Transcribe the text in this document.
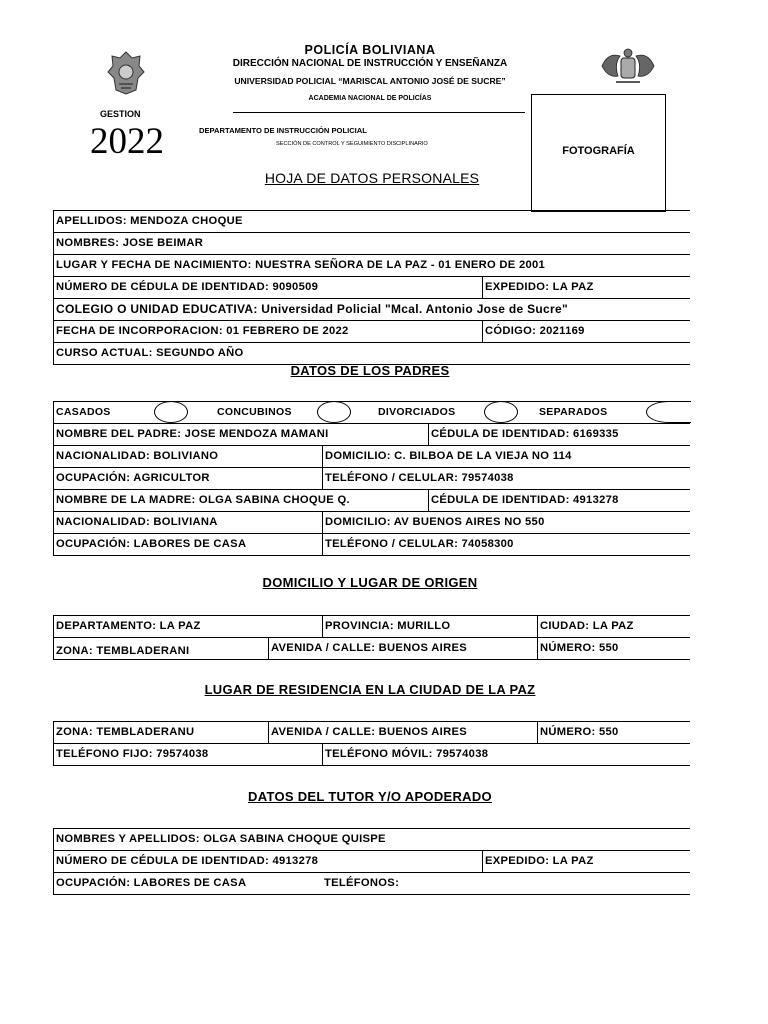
POLICÍA BOLIVIANA
DIRECCIÓN NACIONAL DE INSTRUCCIÓN Y ENSEÑANZA
UNIVERSIDAD POLICIAL “MARISCAL ANTONIO JOSÉ DE SUCRE”
ACADEMIA NACIONAL DE POLICÍAS
GESTION
2022	DEPARTAMENTO DE INSTRUCCIÓN POLICIAL
SECCIÓN DE CONTROL Y SEGUIMIENTO DISCIPLINARIO
FOTOGRAFÍA
HOJA DE DATOS PERSONALES
APELLIDOS: MENDOZA CHOQUE
NOMBRES: JOSE BEIMAR
LUGAR Y FECHA DE NACIMIENTO: NUESTRA SEÑORA DE LA PAZ - 01 ENERO DE 2001
NÚMERO DE CÉDULA DE IDENTIDAD: 9090509	EXPEDIDO: LA PAZ
COLEGIO O UNIDAD EDUCATIVA: Universidad Policial "Mcal. Antonio Jose de Sucre"
FECHA DE INCORPORACION: 01 FEBRERO DE 2022	CÓDIGO: 2021169
CURSO ACTUAL: SEGUNDO AÑO
DATOS DE LOS PADRES
CASADOS	CONCUBINOS	DIVORCIADOS	SEPARADOS
NOMBRE DEL PADRE: JOSE MENDOZA MAMANI	CÉDULA DE IDENTIDAD: 6169335
NACIONALIDAD: BOLIVIANO	DOMICILIO: C. BILBOA DE LA VIEJA NO 114
OCUPACIÓN: AGRICULTOR	TELÉFONO / CELULAR: 79574038
NOMBRE DE LA MADRE: OLGA SABINA CHOQUE Q.	CÉDULA DE IDENTIDAD: 4913278
NACIONALIDAD: BOLIVIANA	DOMICILIO: AV BUENOS AIRES NO 550
OCUPACIÓN: LABORES DE CASA	TELÉFONO / CELULAR: 74058300
DOMICILIO Y LUGAR DE ORIGEN
DEPARTAMENTO: LA PAZ	PROVINCIA: MURILLO	CIUDAD: LA PAZ
ZONA: TEMBLADERANI	AVENIDA / CALLE: BUENOS AIRES	NÚMERO: 550
LUGAR DE RESIDENCIA EN LA CIUDAD DE LA PAZ
ZONA: TEMBLADERANU	AVENIDA / CALLE: BUENOS AIRES	NÚMERO: 550
TELÉFONO FIJO: 79574038	TELÉFONO MÓVIL: 79574038
DATOS DEL TUTOR Y/O APODERADO
NOMBRES Y APELLIDOS: OLGA SABINA CHOQUE QUISPE
NÚMERO DE CÉDULA DE IDENTIDAD: 4913278	EXPEDIDO: LA PAZ
OCUPACIÓN: LABORES DE CASA	TELÉFONOS:
